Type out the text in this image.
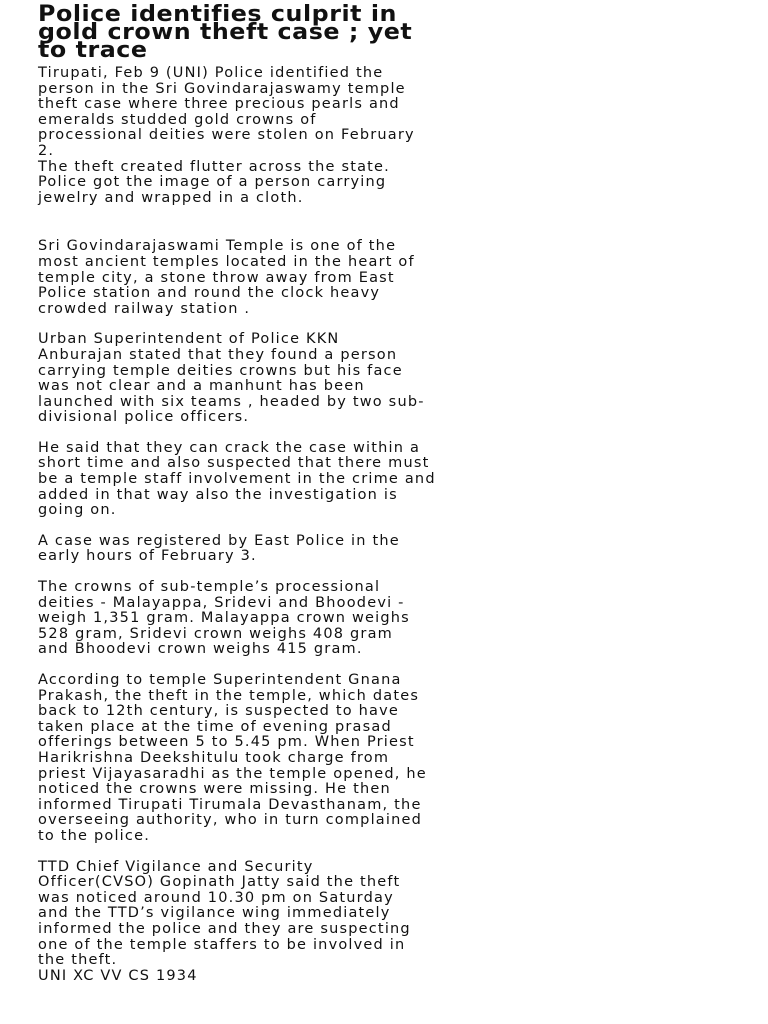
Police identifies culprit in
gold crown theft case ; yet
to trace

Tirupati, Feb 9 (UNI) Police identified the
person in the Sri Govindarajaswamy temple
theft case where three precious pearls and
emeralds studded gold crowns of
processional deities were stolen on February
2.
The theft created flutter across the state.
Police got the image of a person carrying
jewelry and wrapped in a cloth.

Sri Govindarajaswami Temple is one of the
most ancient temples located in the heart of
temple city, a stone throw away from East
Police station and round the clock heavy
crowded railway station .

Urban Superintendent of Police KKN
Anburajan stated that they found a person
carrying temple deities crowns but his face
was not clear and a manhunt has been
launched with six teams , headed by two sub-
divisional police officers.

He said that they can crack the case within a
short time and also suspected that there must
be a temple staff involvement in the crime and
added in that way also the investigation is
going on.

A case was registered by East Police in the
early hours of February 3.

The crowns of sub-temple’s processional
deities - Malayappa, Sridevi and Bhoodevi -
weigh 1,351 gram. Malayappa crown weighs
528 gram, Sridevi crown weighs 408 gram
and Bhoodevi crown weighs 415 gram.

According to temple Superintendent Gnana
Prakash, the theft in the temple, which dates
back to 12th century, is suspected to have
taken place at the time of evening prasad
offerings between 5 to 5.45 pm. When Priest
Harikrishna Deekshitulu took charge from
priest Vijayasaradhi as the temple opened, he
noticed the crowns were missing. He then
informed Tirupati Tirumala Devasthanam, the
overseeing authority, who in turn complained
to the police.

TTD Chief Vigilance and Security
Officer(CVSO) Gopinath Jatty said the theft
was noticed around 10.30 pm on Saturday
and the TTD’s vigilance wing immediately
informed the police and they are suspecting
one of the temple staffers to be involved in
the theft.
UNI XC VV CS 1934
